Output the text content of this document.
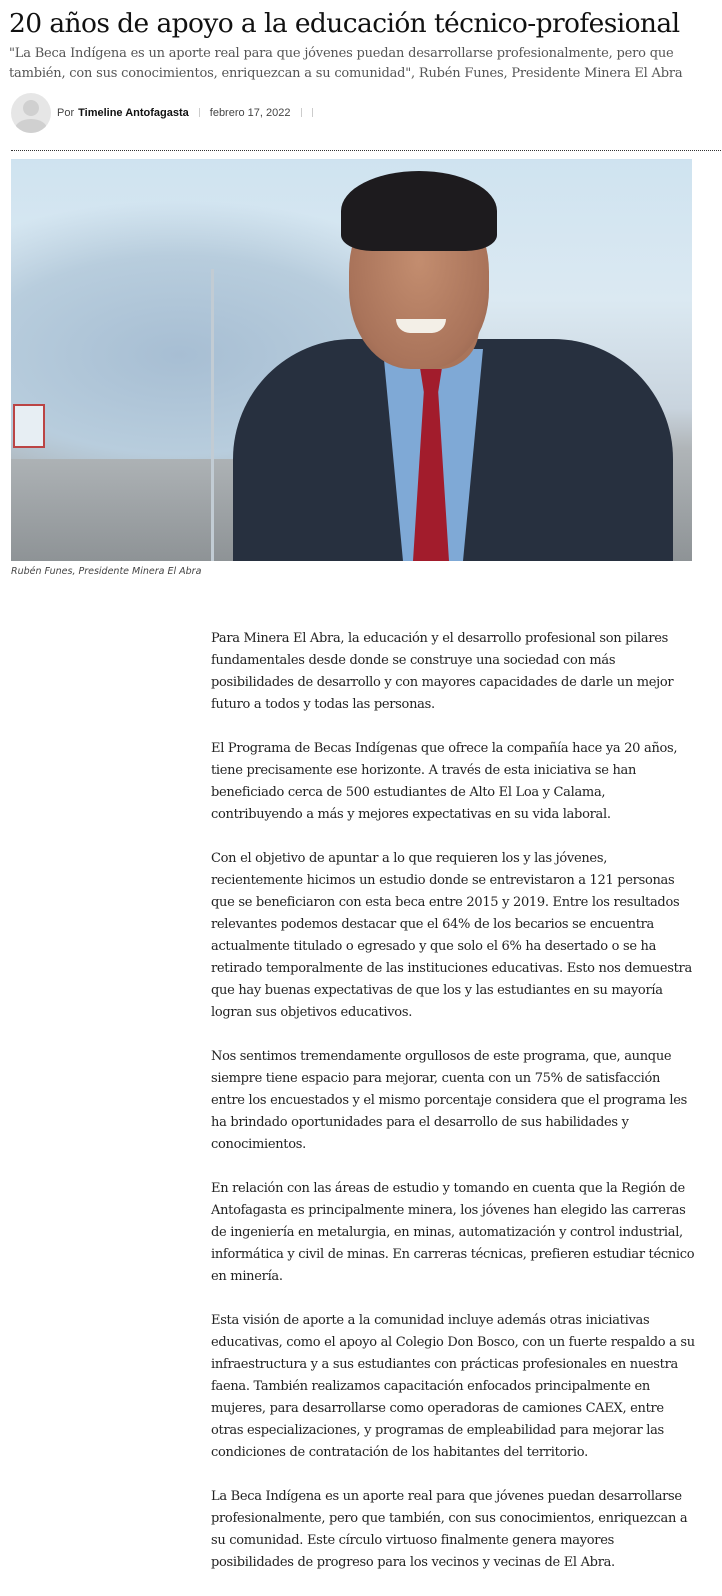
20 años de apoyo a la educación técnico-profesional

"La Beca Indígena es un aporte real para que jóvenes puedan desarrollarse profesionalmente, pero que también, con sus conocimientos, enriquezcan a su comunidad", Rubén Funes, Presidente Minera El Abra

Por Timeline Antofagasta febrero 17, 2022

Rubén Funes, Presidente Minera El Abra

Para Minera El Abra, la educación y el desarrollo profesional son pilares fundamentales desde donde se construye una sociedad con más posibilidades de desarrollo y con mayores capacidades de darle un mejor futuro a todos y todas las personas.

El Programa de Becas Indígenas que ofrece la compañía hace ya 20 años, tiene precisamente ese horizonte. A través de esta iniciativa se han beneficiado cerca de 500 estudiantes de Alto El Loa y Calama, contribuyendo a más y mejores expectativas en su vida laboral.

Con el objetivo de apuntar a lo que requieren los y las jóvenes, recientemente hicimos un estudio donde se entrevistaron a 121 personas que se beneficiaron con esta beca entre 2015 y 2019. Entre los resultados relevantes podemos destacar que el 64% de los becarios se encuentra actualmente titulado o egresado y que solo el 6% ha desertado o se ha retirado temporalmente de las instituciones educativas. Esto nos demuestra que hay buenas expectativas de que los y las estudiantes en su mayoría logran sus objetivos educativos.

Nos sentimos tremendamente orgullosos de este programa, que, aunque siempre tiene espacio para mejorar, cuenta con un 75% de satisfacción entre los encuestados y el mismo porcentaje considera que el programa les ha brindado oportunidades para el desarrollo de sus habilidades y conocimientos.

En relación con las áreas de estudio y tomando en cuenta que la Región de Antofagasta es principalmente minera, los jóvenes han elegido las carreras de ingeniería en metalurgia, en minas, automatización y control industrial, informática y civil de minas. En carreras técnicas, prefieren estudiar técnico en minería.

Esta visión de aporte a la comunidad incluye además otras iniciativas educativas, como el apoyo al Colegio Don Bosco, con un fuerte respaldo a su infraestructura y a sus estudiantes con prácticas profesionales en nuestra faena. También realizamos capacitación enfocados principalmente en mujeres, para desarrollarse como operadoras de camiones CAEX, entre otras especializaciones, y programas de empleabilidad para mejorar las condiciones de contratación de los habitantes del territorio.

La Beca Indígena es un aporte real para que jóvenes puedan desarrollarse profesionalmente, pero que también, con sus conocimientos, enriquezcan a su comunidad. Este círculo virtuoso finalmente genera mayores posibilidades de progreso para los vecinos y vecinas de El Abra.
